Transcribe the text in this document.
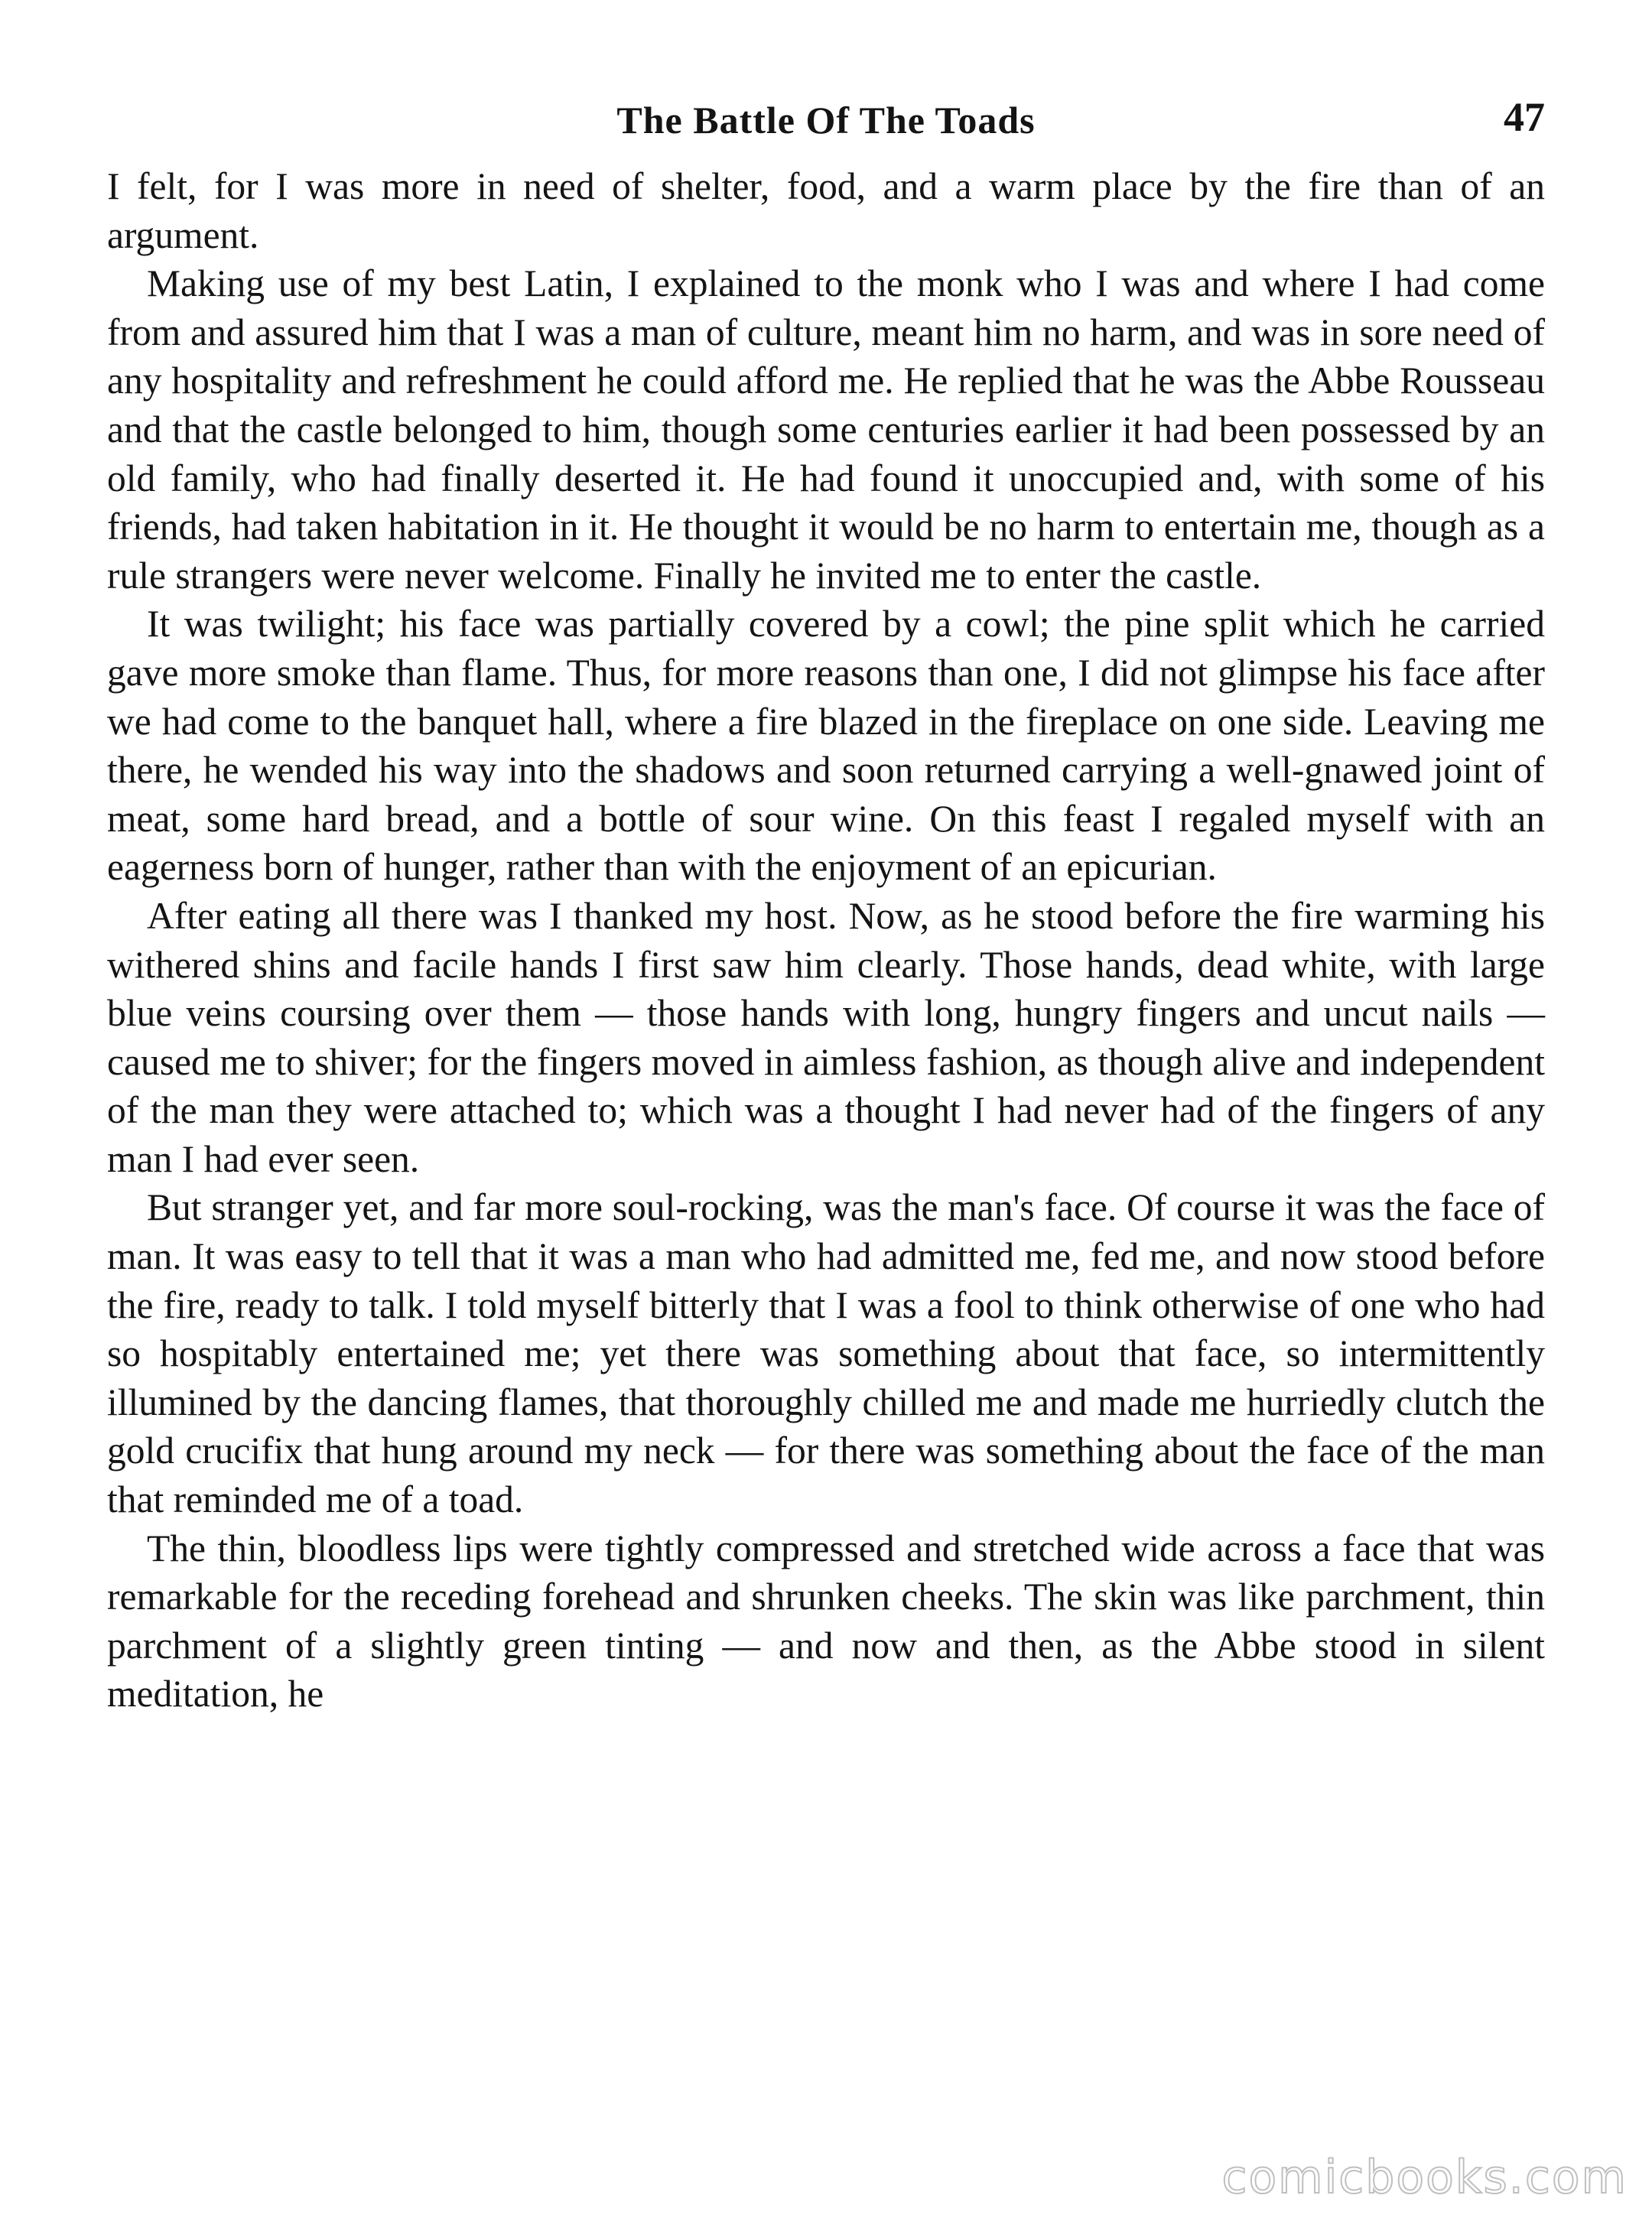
The Battle Of The Toads	47

I felt, for I was more in need of shelter, food, and a warm place by the fire than of an argument.

Making use of my best Latin, I explained to the monk who I was and where I had come from and assured him that I was a man of culture, meant him no harm, and was in sore need of any hospitality and refreshment he could afford me. He replied that he was the Abbe Rousseau and that the castle belonged to him, though some centuries earlier it had been possessed by an old family, who had finally deserted it. He had found it unoccupied and, with some of his friends, had taken habitation in it. He thought it would be no harm to entertain me, though as a rule strangers were never welcome. Finally he invited me to enter the castle.

It was twilight; his face was partially covered by a cowl; the pine split which he carried gave more smoke than flame. Thus, for more reasons than one, I did not glimpse his face after we had come to the banquet hall, where a fire blazed in the fireplace on one side. Leaving me there, he wended his way into the shadows and soon returned carrying a well-gnawed joint of meat, some hard bread, and a bottle of sour wine. On this feast I regaled myself with an eagerness born of hunger, rather than with the enjoyment of an epicurian.

After eating all there was I thanked my host. Now, as he stood before the fire warming his withered shins and facile hands I first saw him clearly. Those hands, dead white, with large blue veins coursing over them — those hands with long, hungry fingers and uncut nails — caused me to shiver; for the fingers moved in aimless fashion, as though alive and independent of the man they were attached to; which was a thought I had never had of the fingers of any man I had ever seen.

But stranger yet, and far more soul-rocking, was the man's face. Of course it was the face of man. It was easy to tell that it was a man who had admitted me, fed me, and now stood before the fire, ready to talk. I told myself bitterly that I was a fool to think otherwise of one who had so hospitably entertained me; yet there was something about that face, so intermittently illumined by the dancing flames, that thoroughly chilled me and made me hurriedly clutch the gold crucifix that hung around my neck — for there was something about the face of the man that reminded me of a toad.

The thin, bloodless lips were tightly compressed and stretched wide across a face that was remarkable for the receding forehead and shrunken cheeks. The skin was like parchment, thin parchment of a slightly green tinting — and now and then, as the Abbe stood in silent meditation, he

comicbooks.com
